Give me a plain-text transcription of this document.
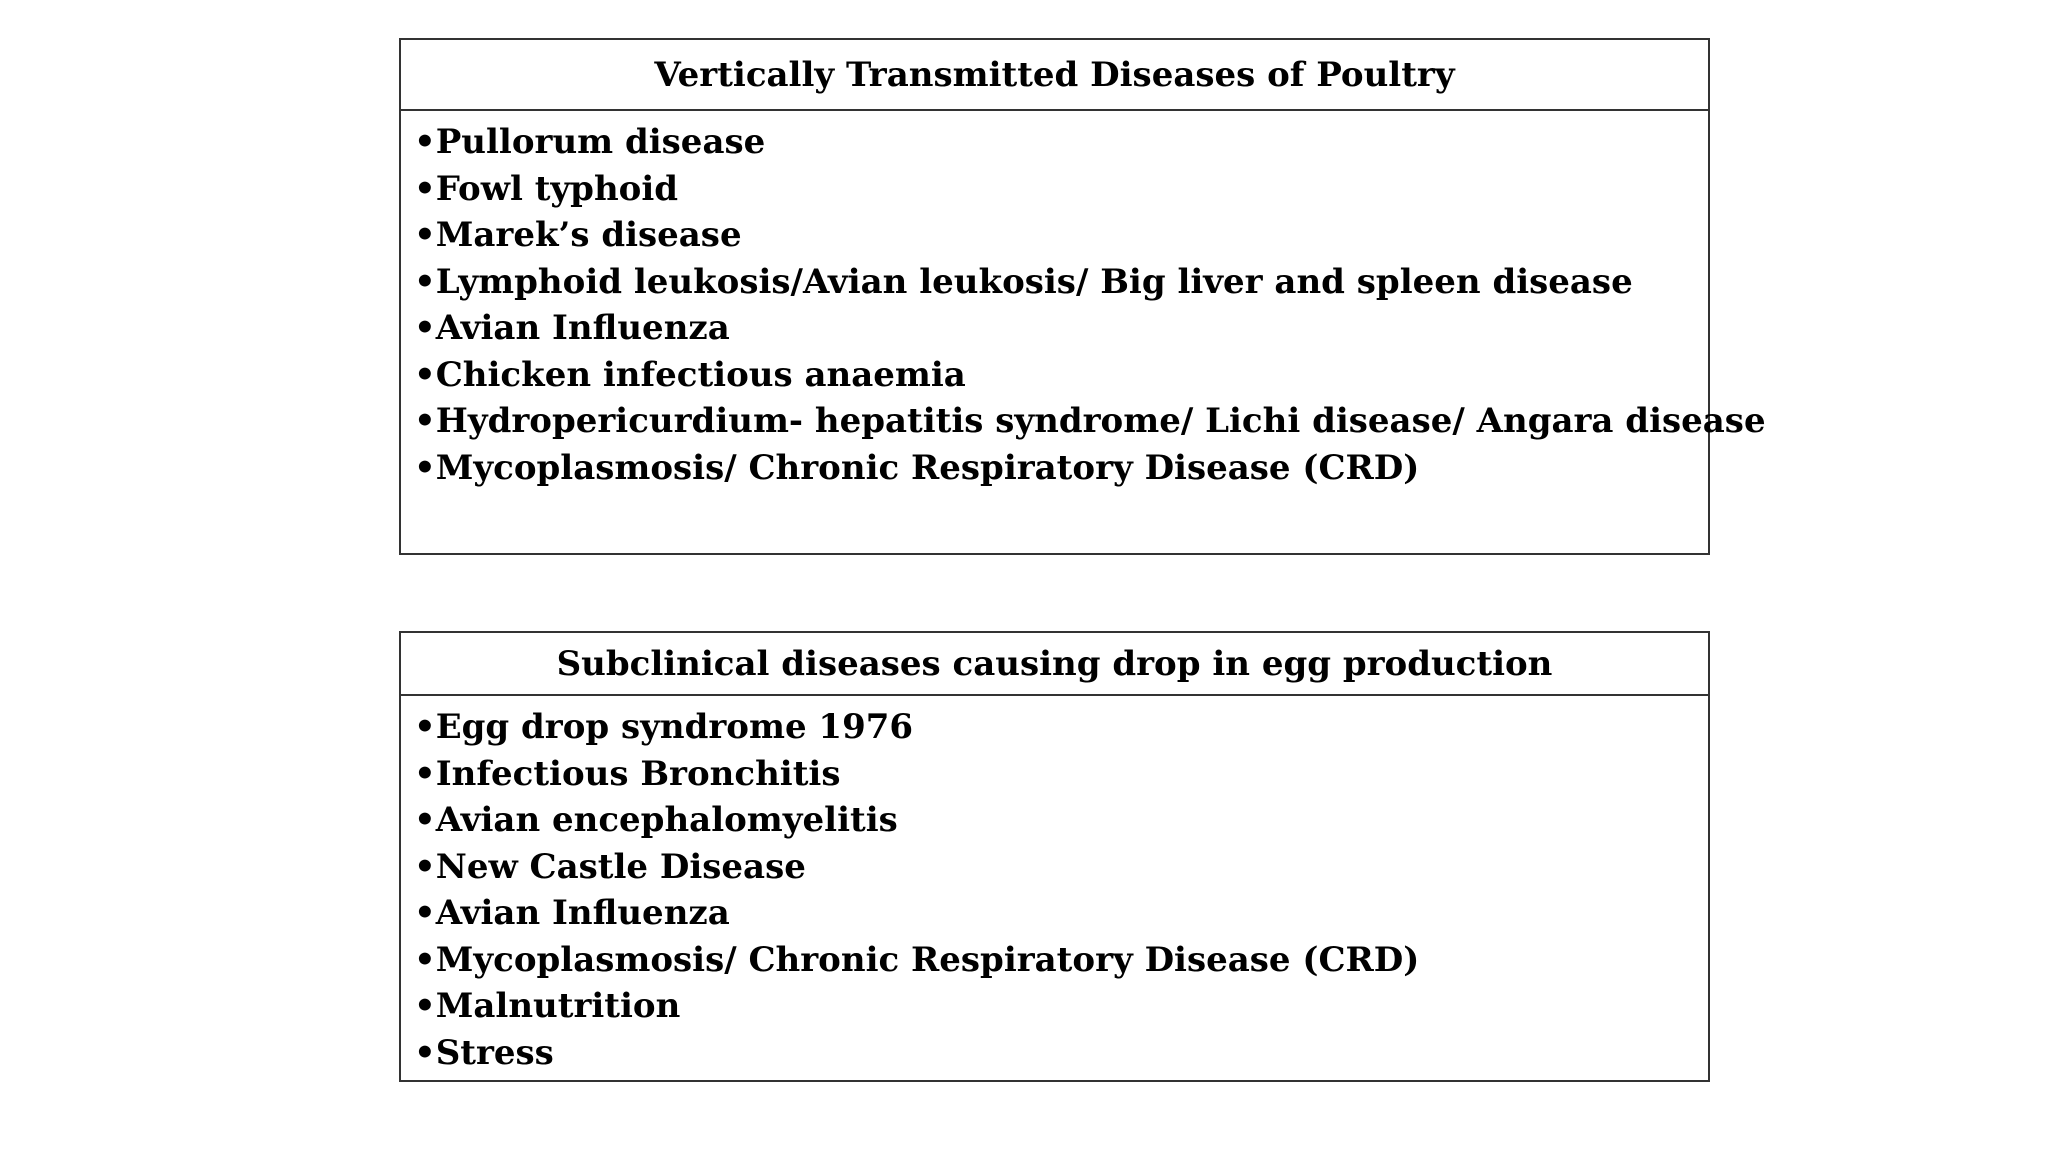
Vertically Transmitted Diseases of Poultry
• Pullorum disease
• Fowl typhoid
• Marek’s disease
• Lymphoid leukosis/Avian leukosis/ Big liver and spleen disease
• Avian Influenza
• Chicken infectious anaemia
• Hydropericurdium- hepatitis syndrome/ Lichi disease/ Angara disease
• Mycoplasmosis/ Chronic Respiratory Disease (CRD)
Subclinical diseases causing drop in egg production
• Egg drop syndrome 1976
• Infectious Bronchitis
• Avian encephalomyelitis
• New Castle Disease
• Avian Influenza
• Mycoplasmosis/ Chronic Respiratory Disease (CRD)
• Malnutrition
• Stress
